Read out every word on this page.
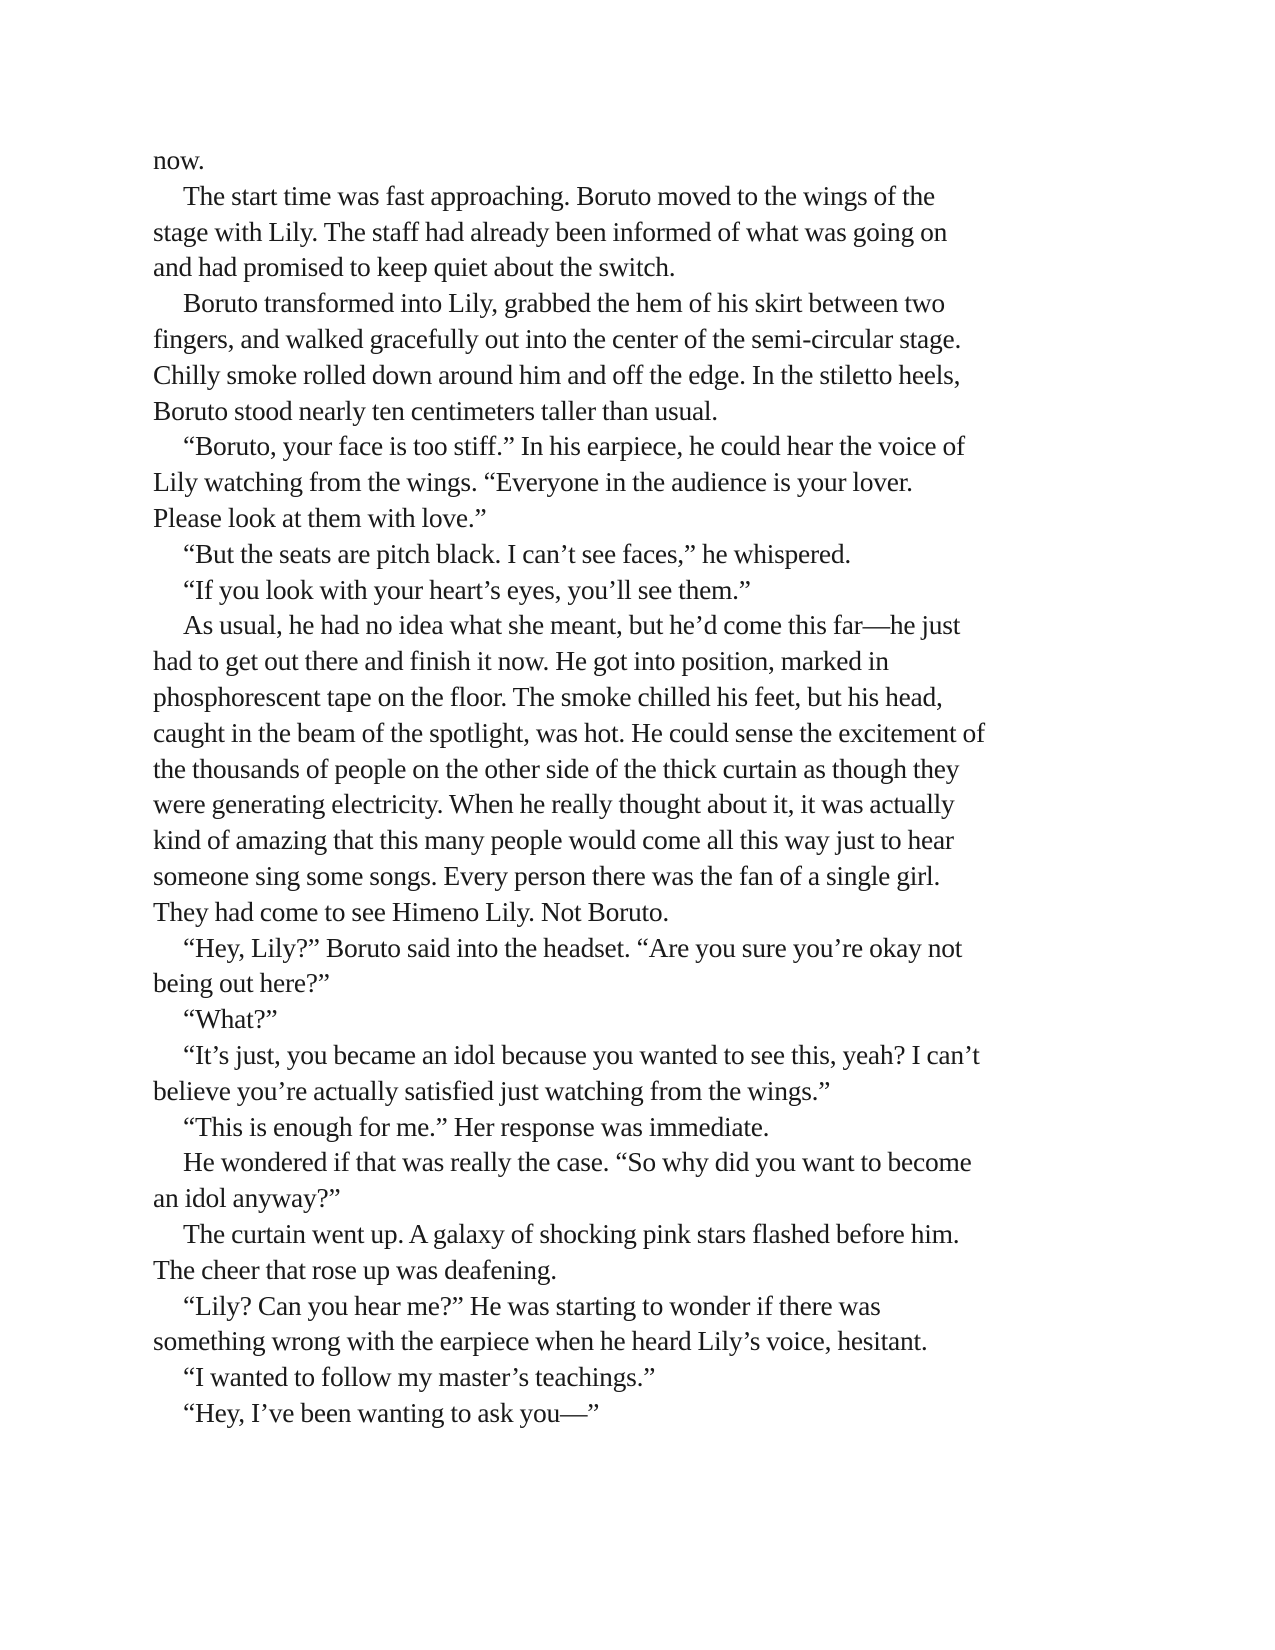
now.
The start time was fast approaching. Boruto moved to the wings of the
stage with Lily. The staff had already been informed of what was going on
and had promised to keep quiet about the switch.
Boruto transformed into Lily, grabbed the hem of his skirt between two
fingers, and walked gracefully out into the center of the semi-circular stage.
Chilly smoke rolled down around him and off the edge. In the stiletto heels,
Boruto stood nearly ten centimeters taller than usual.
“Boruto, your face is too stiff.” In his earpiece, he could hear the voice of
Lily watching from the wings. “Everyone in the audience is your lover.
Please look at them with love.”
“But the seats are pitch black. I can’t see faces,” he whispered.
“If you look with your heart’s eyes, you’ll see them.”
As usual, he had no idea what she meant, but he’d come this far—he just
had to get out there and finish it now. He got into position, marked in
phosphorescent tape on the floor. The smoke chilled his feet, but his head,
caught in the beam of the spotlight, was hot. He could sense the excitement of
the thousands of people on the other side of the thick curtain as though they
were generating electricity. When he really thought about it, it was actually
kind of amazing that this many people would come all this way just to hear
someone sing some songs. Every person there was the fan of a single girl.
They had come to see Himeno Lily. Not Boruto.
“Hey, Lily?” Boruto said into the headset. “Are you sure you’re okay not
being out here?”
“What?”
“It’s just, you became an idol because you wanted to see this, yeah? I can’t
believe you’re actually satisfied just watching from the wings.”
“This is enough for me.” Her response was immediate.
He wondered if that was really the case. “So why did you want to become
an idol anyway?”
The curtain went up. A galaxy of shocking pink stars flashed before him.
The cheer that rose up was deafening.
“Lily? Can you hear me?” He was starting to wonder if there was
something wrong with the earpiece when he heard Lily’s voice, hesitant.
“I wanted to follow my master’s teachings.”
“Hey, I’ve been wanting to ask you—”
